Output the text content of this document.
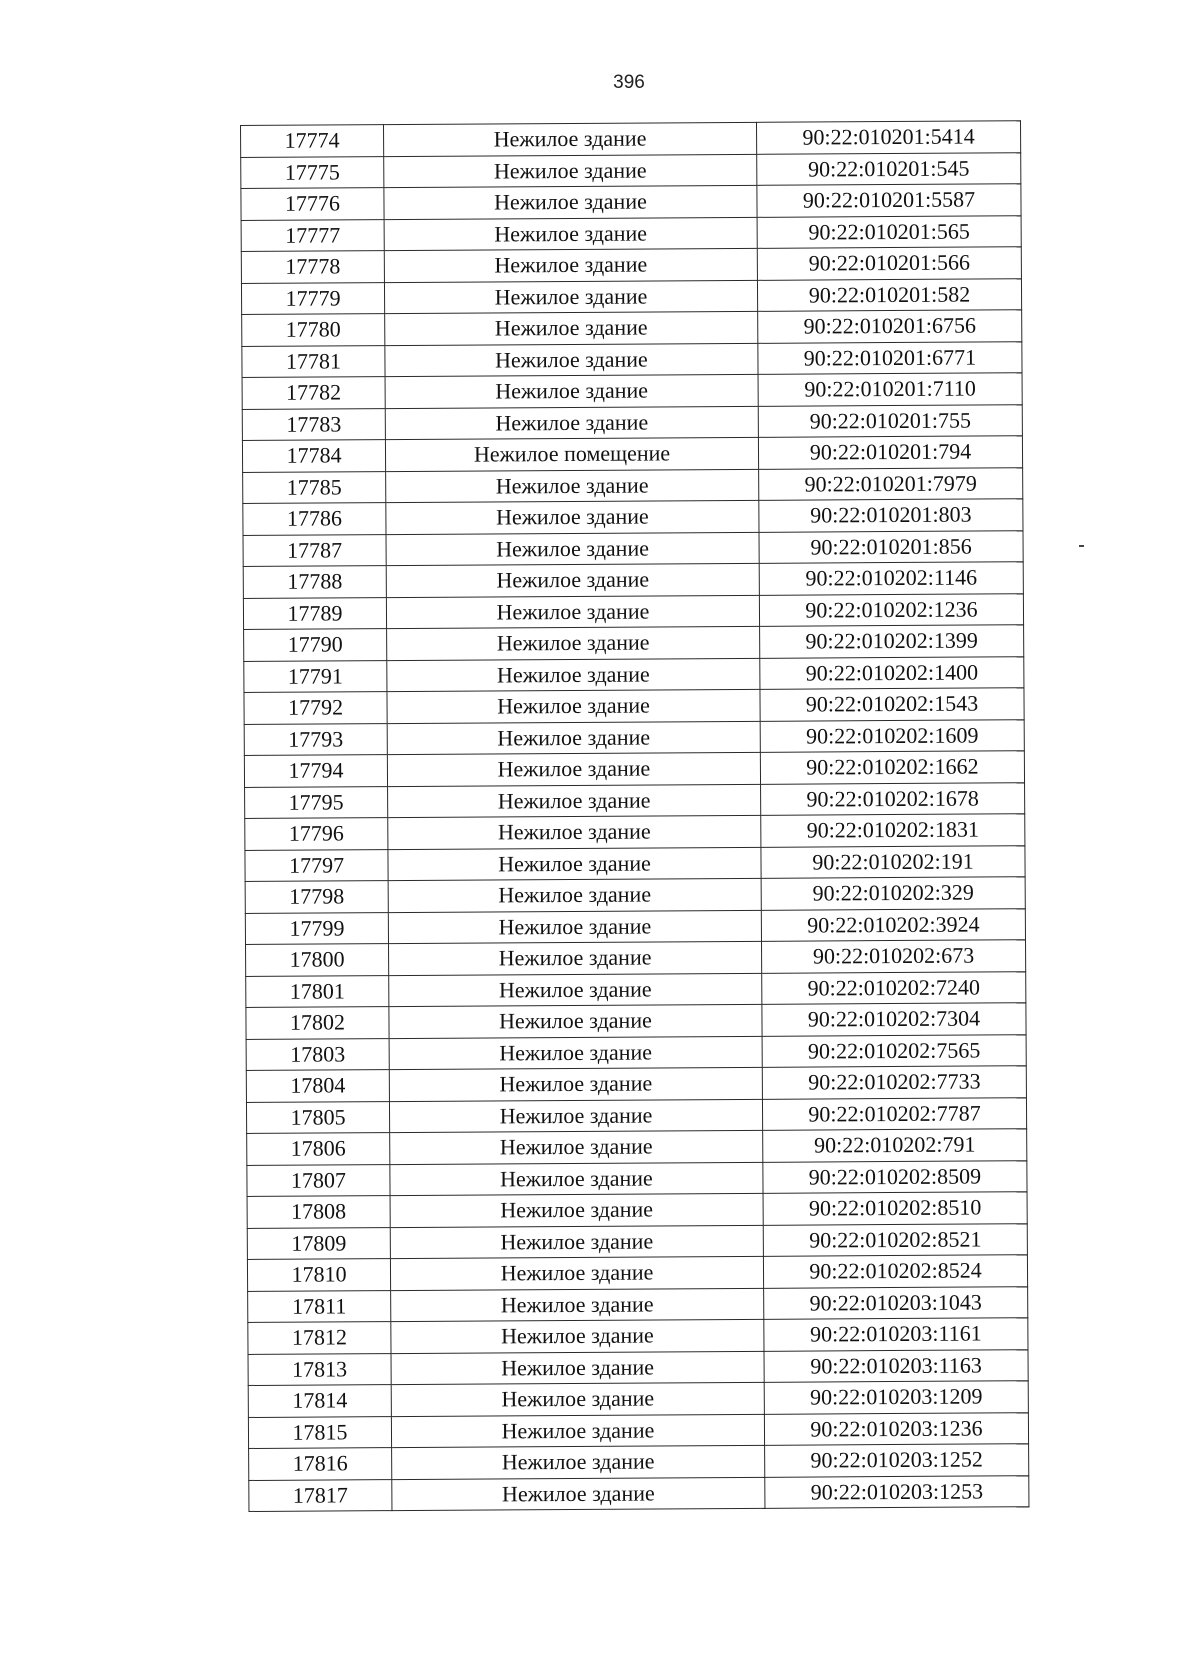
396
17774	Нежилое здание	90:22:010201:5414
17775	Нежилое здание	90:22:010201:545
17776	Нежилое здание	90:22:010201:5587
17777	Нежилое здание	90:22:010201:565
17778	Нежилое здание	90:22:010201:566
17779	Нежилое здание	90:22:010201:582
17780	Нежилое здание	90:22:010201:6756
17781	Нежилое здание	90:22:010201:6771
17782	Нежилое здание	90:22:010201:7110
17783	Нежилое здание	90:22:010201:755
17784	Нежилое помещение	90:22:010201:794
17785	Нежилое здание	90:22:010201:7979
17786	Нежилое здание	90:22:010201:803
17787	Нежилое здание	90:22:010201:856
17788	Нежилое здание	90:22:010202:1146
17789	Нежилое здание	90:22:010202:1236
17790	Нежилое здание	90:22:010202:1399
17791	Нежилое здание	90:22:010202:1400
17792	Нежилое здание	90:22:010202:1543
17793	Нежилое здание	90:22:010202:1609
17794	Нежилое здание	90:22:010202:1662
17795	Нежилое здание	90:22:010202:1678
17796	Нежилое здание	90:22:010202:1831
17797	Нежилое здание	90:22:010202:191
17798	Нежилое здание	90:22:010202:329
17799	Нежилое здание	90:22:010202:3924
17800	Нежилое здание	90:22:010202:673
17801	Нежилое здание	90:22:010202:7240
17802	Нежилое здание	90:22:010202:7304
17803	Нежилое здание	90:22:010202:7565
17804	Нежилое здание	90:22:010202:7733
17805	Нежилое здание	90:22:010202:7787
17806	Нежилое здание	90:22:010202:791
17807	Нежилое здание	90:22:010202:8509
17808	Нежилое здание	90:22:010202:8510
17809	Нежилое здание	90:22:010202:8521
17810	Нежилое здание	90:22:010202:8524
17811	Нежилое здание	90:22:010203:1043
17812	Нежилое здание	90:22:010203:1161
17813	Нежилое здание	90:22:010203:1163
17814	Нежилое здание	90:22:010203:1209
17815	Нежилое здание	90:22:010203:1236
17816	Нежилое здание	90:22:010203:1252
17817	Нежилое здание	90:22:010203:1253
